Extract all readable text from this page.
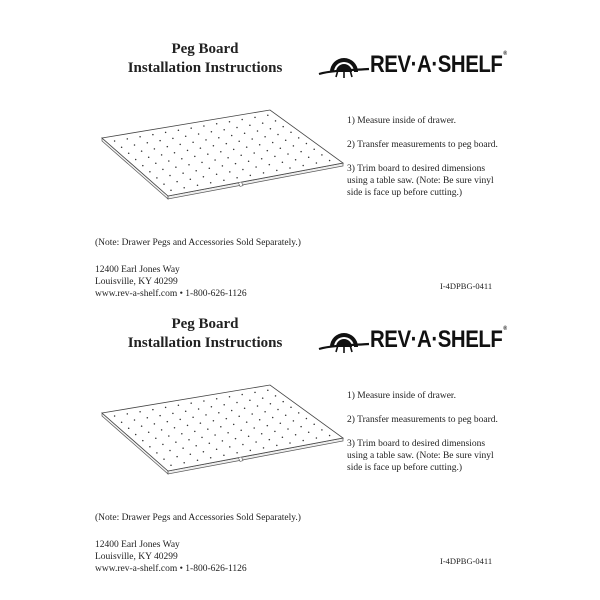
Peg Board
Installation Instructions	REV·A·SHELF®

1) Measure inside of drawer.

2) Transfer measurements to peg board.

3) Trim board to desired dimensions using a table saw. (Note: Be sure vinyl side is face up before cutting.)

(Note: Drawer Pegs and Accessories Sold Separately.)
12400 Earl Jones Way
Louisville, KY 40299
www.rev-a-shelf.com • 1-800-626-1126
I-4DPBG-0411
Peg Board
Installation Instructions	REV·A·SHELF®

1) Measure inside of drawer.

2) Transfer measurements to peg board.

3) Trim board to desired dimensions using a table saw. (Note: Be sure vinyl side is face up before cutting.)

(Note: Drawer Pegs and Accessories Sold Separately.)
12400 Earl Jones Way
Louisville, KY 40299
www.rev-a-shelf.com • 1-800-626-1126
I-4DPBG-0411
